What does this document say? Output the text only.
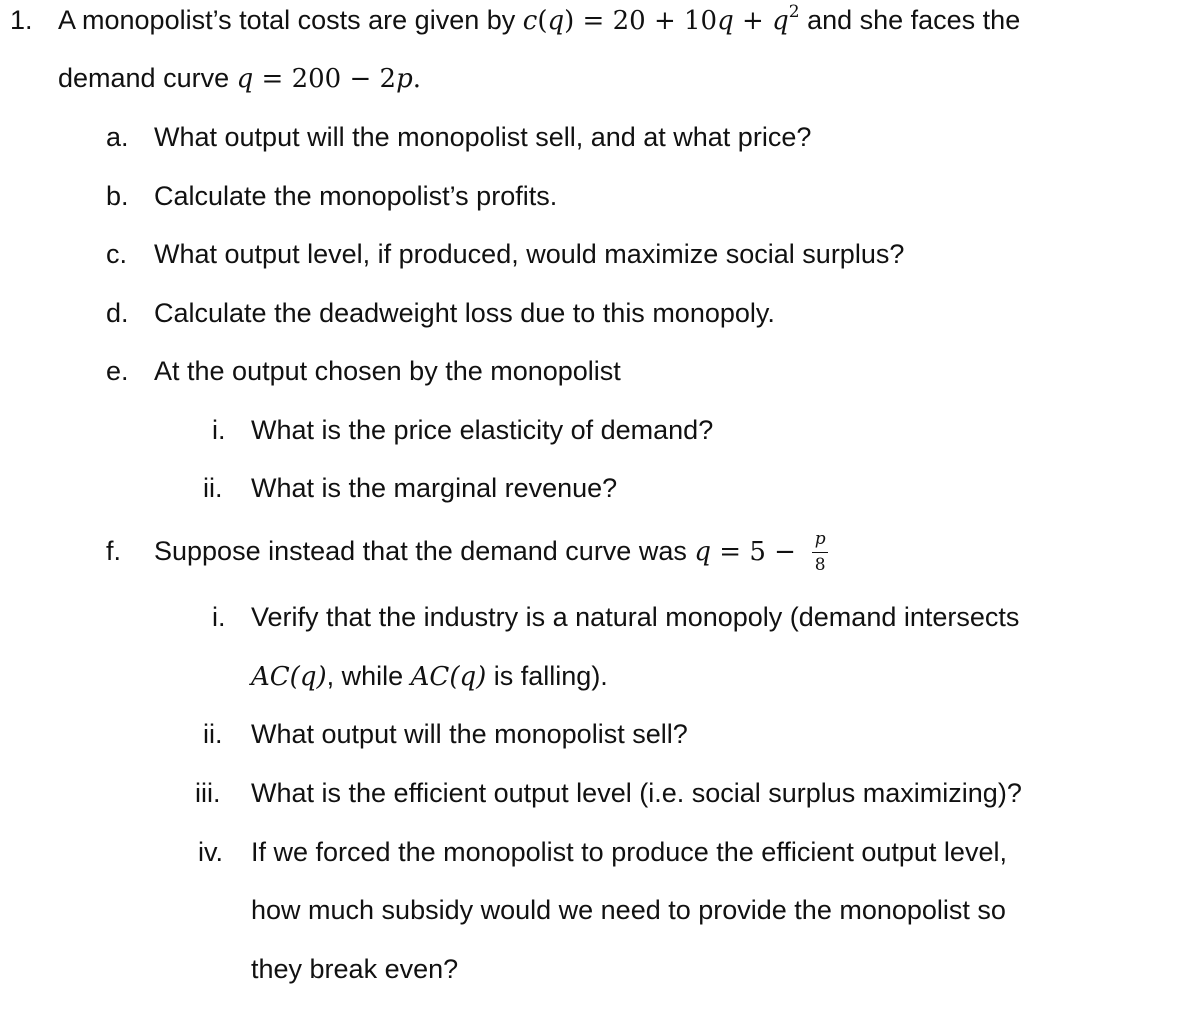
1. A monopolist’s total costs are given by $c(q) = 20 + 10q + q^2$ and she faces the
demand curve q = 200 − 2p.
a. What output will the monopolist sell, and at what price?
b. Calculate the monopolist’s profits.
c. What output level, if produced, would maximize social surplus?
d. Calculate the deadweight loss due to this monopoly.
e. At the output chosen by the monopolist
i. What is the price elasticity of demand?
ii. What is the marginal revenue?
f. Suppose instead that the demand curve was $q = 5 - \frac{p}{8}$
i. Verify that the industry is a natural monopoly (demand intersects
AC(q), while AC(q) is falling).
ii. What output will the monopolist sell?
iii. What is the efficient output level (i.e. social surplus maximizing)?
iv. If we forced the monopolist to produce the efficient output level,
how much subsidy would we need to provide the monopolist so
they break even?
